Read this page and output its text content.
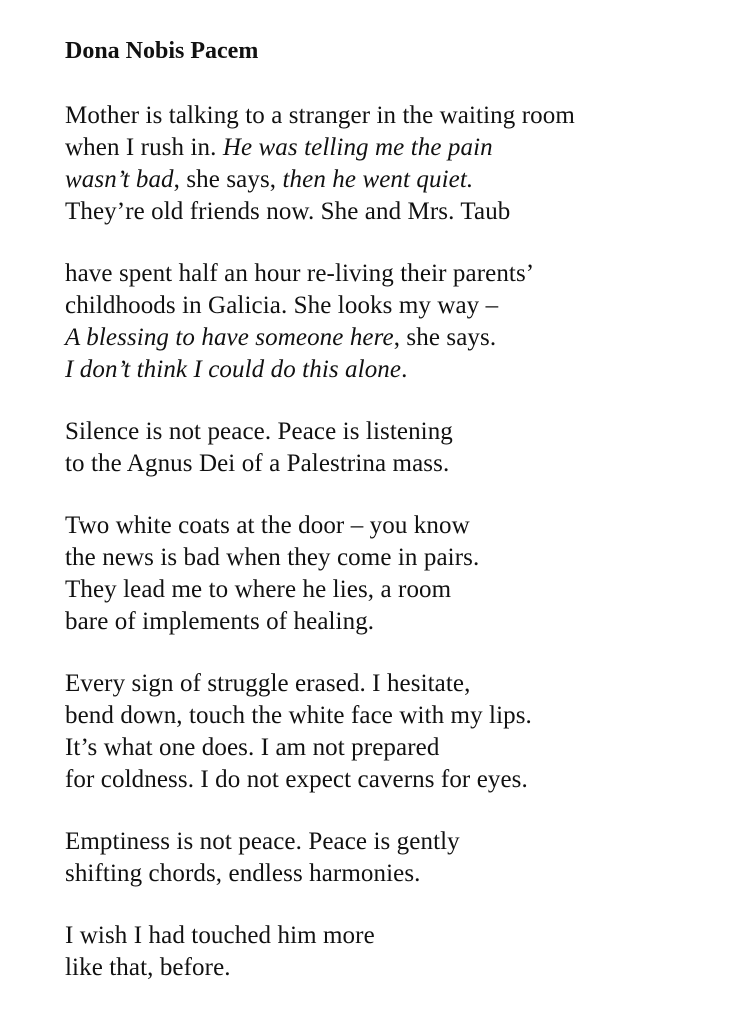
Dona Nobis Pacem
Mother is talking to a stranger in the waiting room
when I rush in. He was telling me the pain
wasn’t bad, she says, then he went quiet.
They’re old friends now. She and Mrs. Taub
have spent half an hour re-living their parents’
childhoods in Galicia. She looks my way –
A blessing to have someone here, she says.
I don’t think I could do this alone.
Silence is not peace. Peace is listening
to the Agnus Dei of a Palestrina mass.
Two white coats at the door – you know
the news is bad when they come in pairs.
They lead me to where he lies, a room
bare of implements of healing.
Every sign of struggle erased. I hesitate,
bend down, touch the white face with my lips.
It’s what one does. I am not prepared
for coldness. I do not expect caverns for eyes.
Emptiness is not peace. Peace is gently
shifting chords, endless harmonies.
I wish I had touched him more
like that, before.
